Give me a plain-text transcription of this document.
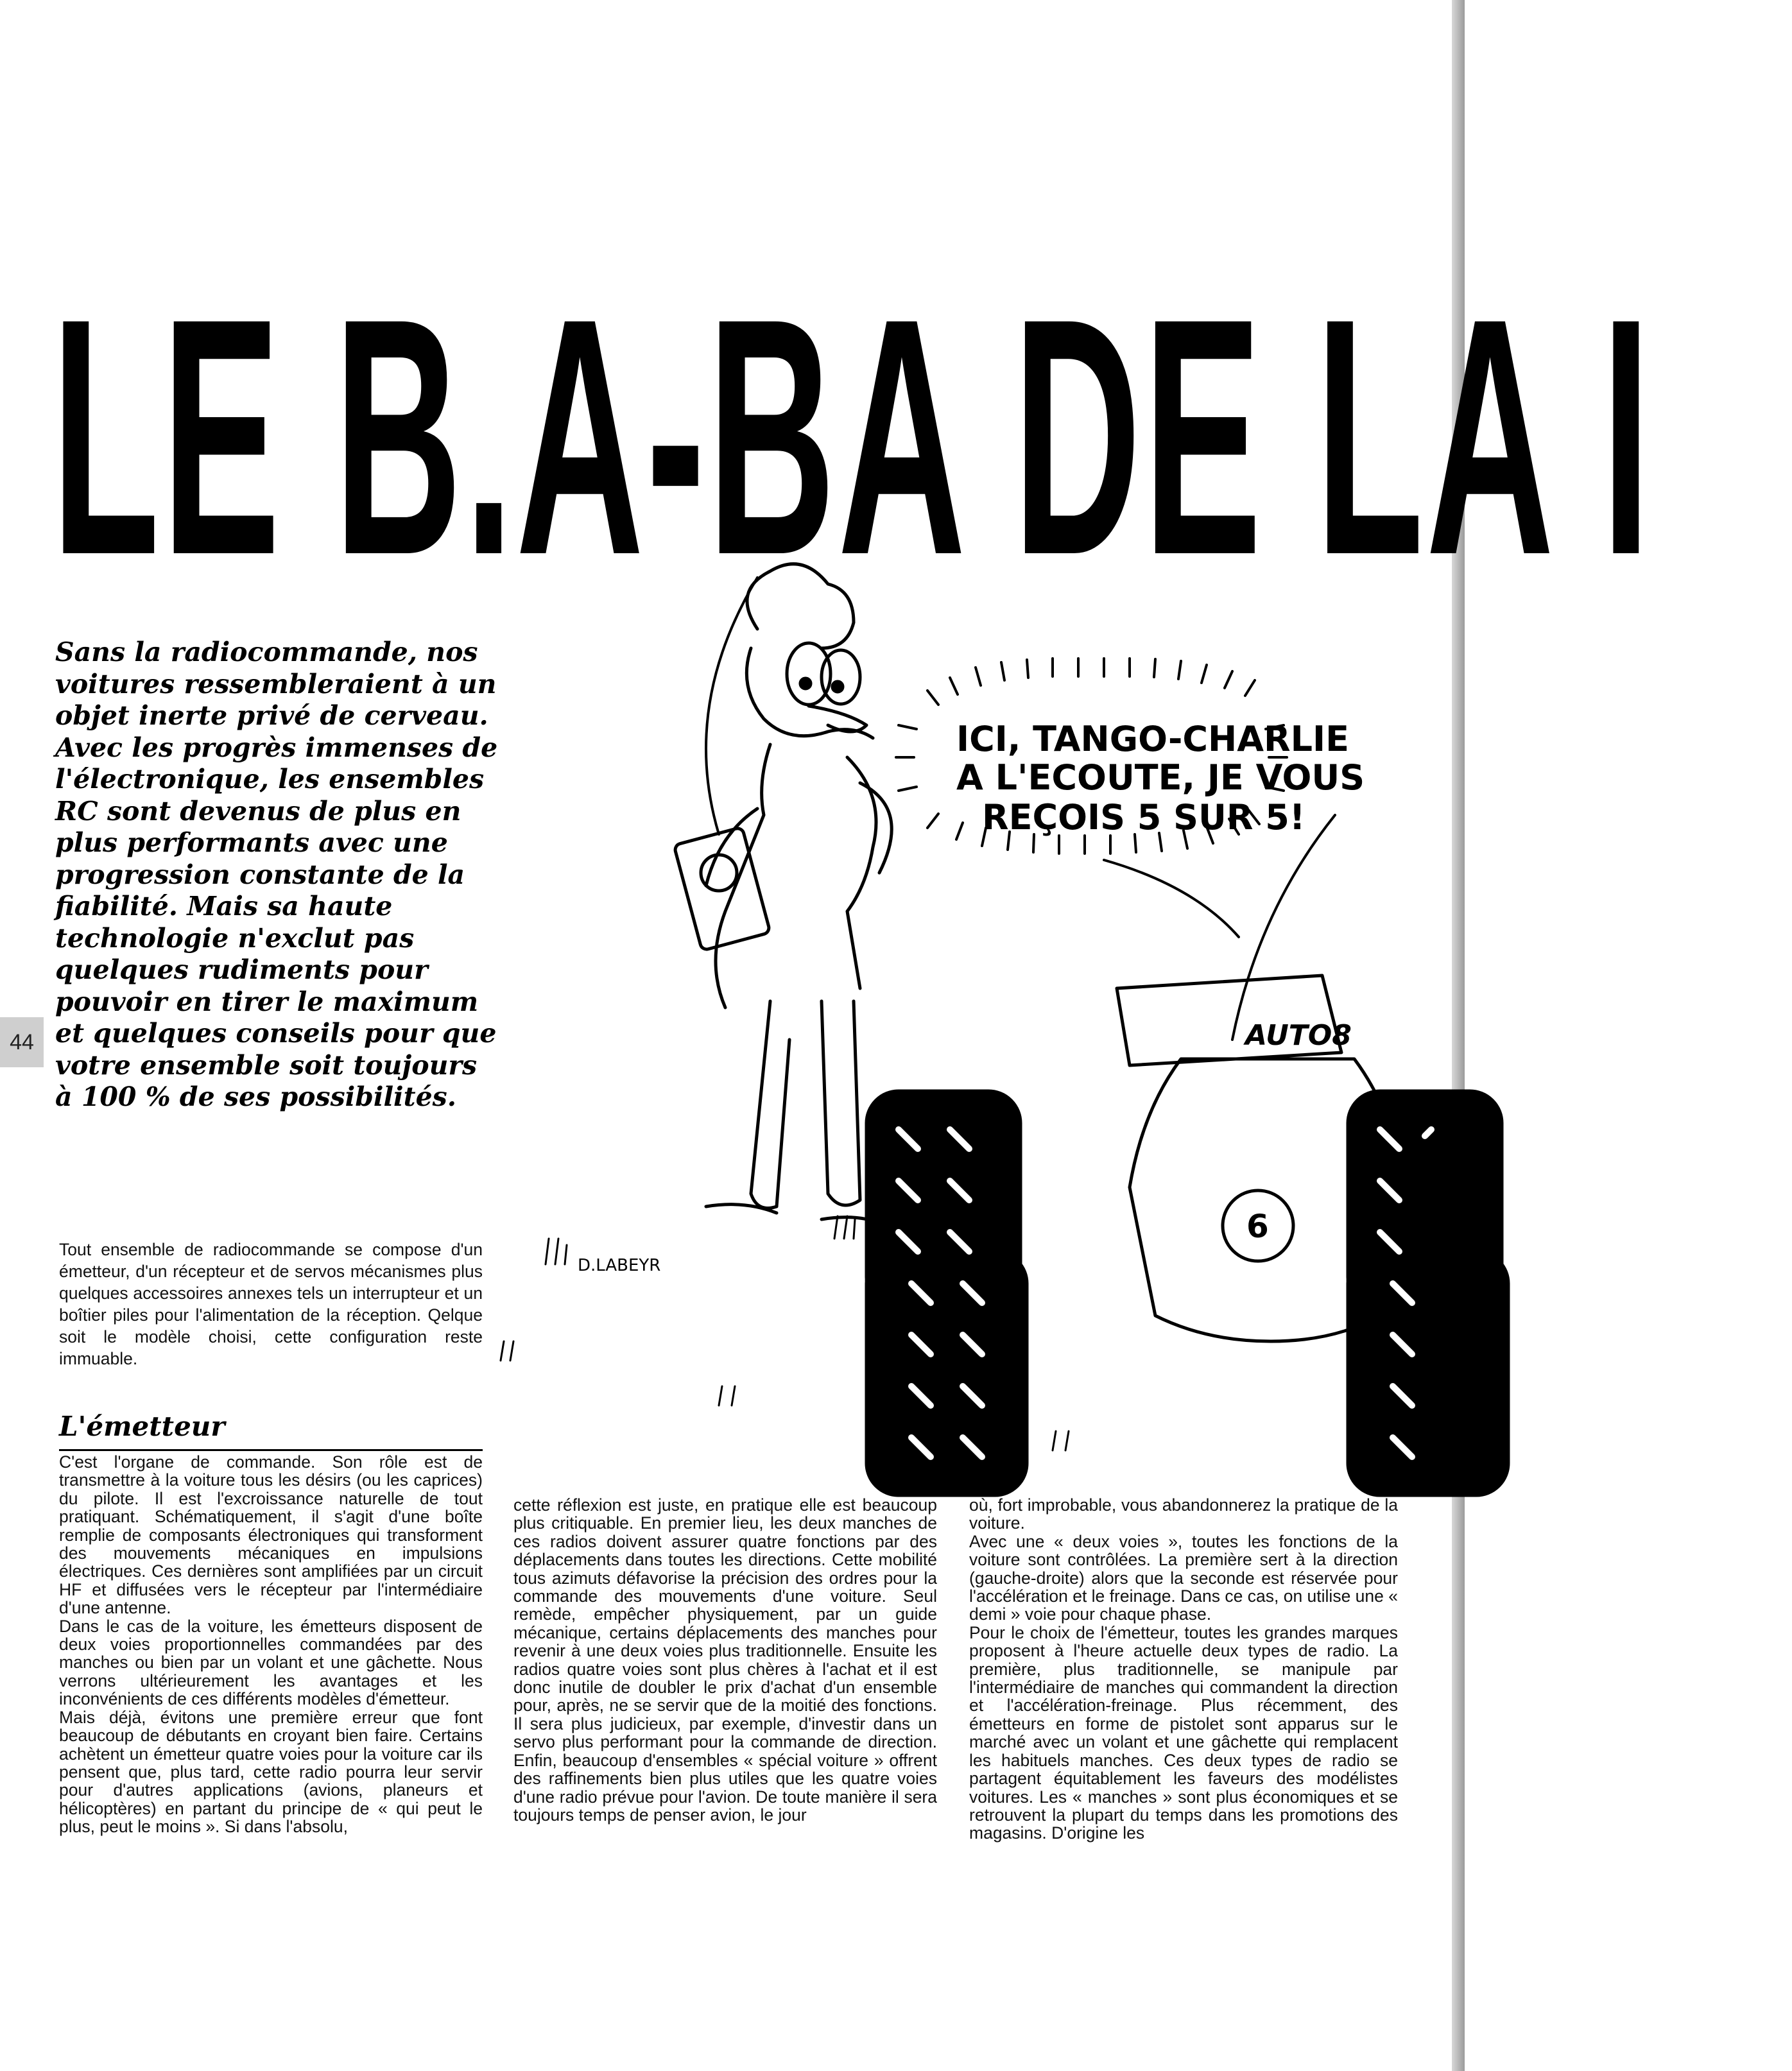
LE B.A-BA DE LA I
Sans la radiocommande, nos voitures ressembleraient à un objet inerte privé de cerveau. Avec les progrès immenses de l'électronique, les ensembles RC sont devenus de plus en plus performants avec une progression constante de la fiabilité. Mais sa haute technologie n'exclut pas quelques rudiments pour pouvoir en tirer le maximum et quelques conseils pour que votre ensemble soit toujours à 100 % de ses possibilités.
44
ICI, TANGO-CHARLIE
A L'ECOUTE, JE VOUS
REÇOIS 5 SUR 5!
AUTO8
6
D.LABEYR
Tout ensemble de radiocommande se compose d'un émetteur, d'un récepteur et de servos mécanismes plus quelques accessoires annexes tels un interrupteur et un boîtier piles pour l'alimentation de la réception. Qelque soit le modèle choisi, cette configuration reste immuable.
L'émetteur

C'est l'organe de commande. Son rôle est de transmettre à la voiture tous les désirs (ou les caprices) du pilote. Il est l'excroissance naturelle de tout pratiquant. Schématiquement, il s'agit d'une boîte remplie de composants électroniques qui transforment des mouvements mécaniques en impulsions électriques. Ces dernières sont amplifiées par un circuit HF et diffusées vers le récepteur par l'intermédiaire d'une antenne.

Dans le cas de la voiture, les émetteurs disposent de deux voies proportionnelles commandées par des manches ou bien par un volant et une gâchette. Nous verrons ultérieurement les avantages et les inconvénients de ces différents modèles d'émetteur.

Mais déjà, évitons une première erreur que font beaucoup de débutants en croyant bien faire. Certains achètent un émetteur quatre voies pour la voiture car ils pensent que, plus tard, cette radio pourra leur servir pour d'autres applications (avions, planeurs et hélicoptères) en partant du principe de « qui peut le plus, peut le moins ». Si dans l'absolu,

cette réflexion est juste, en pratique elle est beaucoup plus critiquable. En premier lieu, les deux manches de ces radios doivent assurer quatre fonctions par des déplacements dans toutes les directions. Cette mobilité tous azimuts défavorise la précision des ordres pour la commande des mouvements d'une voiture. Seul remède, empêcher physiquement, par un guide mécanique, certains déplacements des manches pour revenir à une deux voies plus traditionnelle. Ensuite les radios quatre voies sont plus chères à l'achat et il est donc inutile de doubler le prix d'achat d'un ensemble pour, après, ne se servir que de la moitié des fonctions. Il sera plus judicieux, par exemple, d'investir dans un servo plus performant pour la commande de direction. Enfin, beaucoup d'ensembles « spécial voiture » offrent des raffinements bien plus utiles que les quatre voies d'une radio prévue pour l'avion. De toute manière il sera toujours temps de penser avion, le jour

où, fort improbable, vous abandonnerez la pratique de la voiture.

Avec une « deux voies », toutes les fonctions de la voiture sont contrôlées. La première sert à la direction (gauche-droite) alors que la seconde est réservée pour l'accélération et le freinage. Dans ce cas, on utilise une « demi » voie pour chaque phase.

Pour le choix de l'émetteur, toutes les grandes marques proposent à l'heure actuelle deux types de radio. La première, plus traditionnelle, se manipule par l'intermédiaire de manches qui commandent la direction et l'accélération-freinage. Plus récemment, des émetteurs en forme de pistolet sont apparus sur le marché avec un volant et une gâchette qui remplacent les habituels manches. Ces deux types de radio se partagent équitablement les faveurs des modélistes voitures. Les « manches » sont plus économiques et se retrouvent la plupart du temps dans les promotions des magasins. D'origine les
